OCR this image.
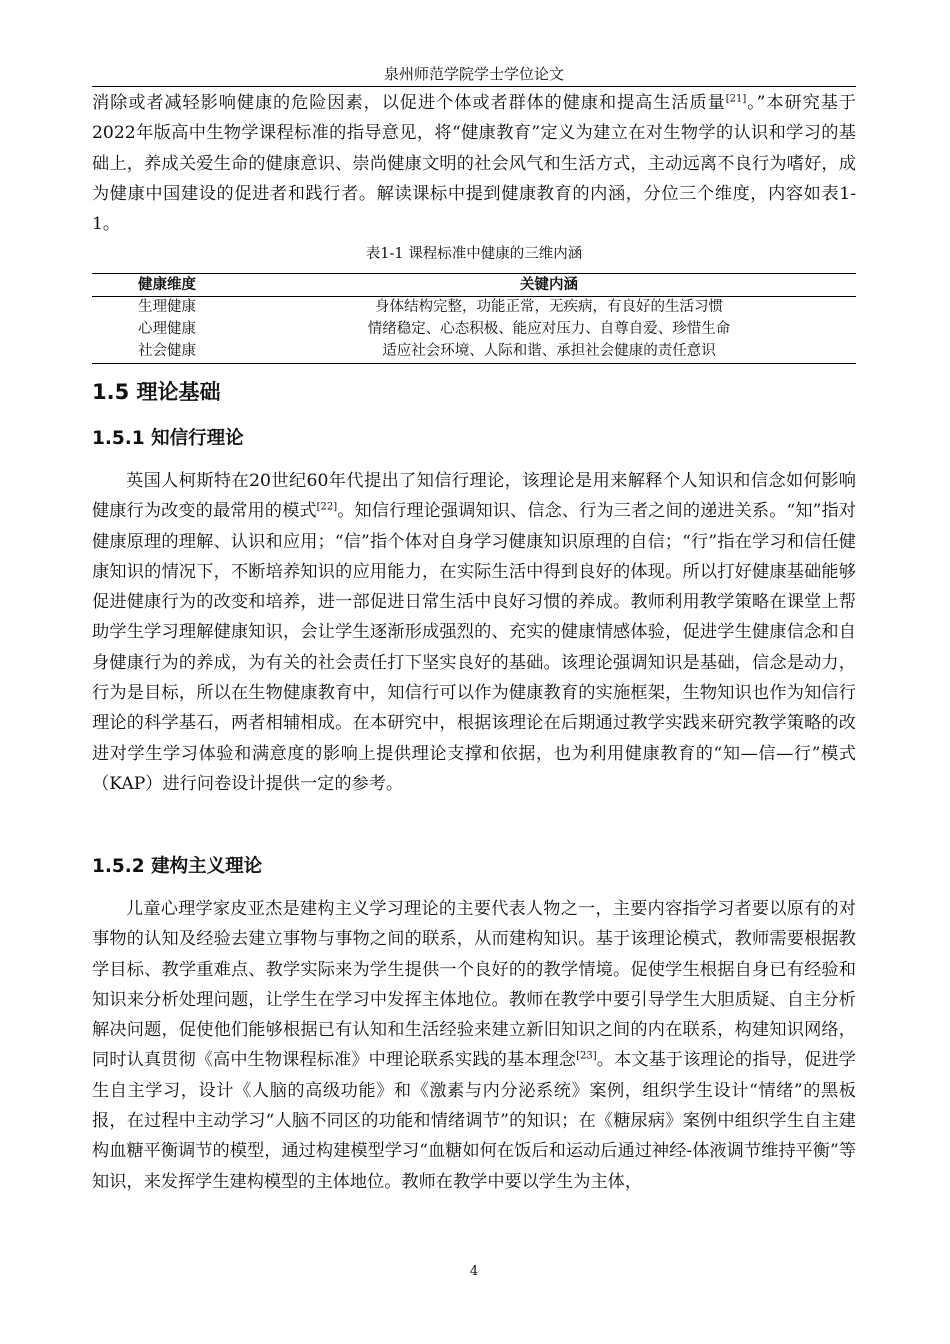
泉州师范学院学士学位论文

消除或者减轻影响健康的危险因素，以促进个体或者群体的健康和提高生活质量[21]。”本研究基于2022年版高中生物学课程标准的指导意见，将“健康教育”定义为建立在对生物学的认识和学习的基础上，养成关爱生命的健康意识、崇尚健康文明的社会风气和生活方式，主动远离不良行为嗜好，成为健康中国建设的促进者和践行者。解读课标中提到健康教育的内涵，分位三个维度，内容如表1-1。

表1-1 课程标准中健康的三维内涵
健康维度	关键内涵
生理健康	身体结构完整，功能正常，无疾病，有良好的生活习惯
心理健康	情绪稳定、心态积极、能应对压力、自尊自爱、珍惜生命
社会健康	适应社会环境、人际和谐、承担社会健康的责任意识
1.5 理论基础
1.5.1 知信行理论

英国人柯斯特在20世纪60年代提出了知信行理论，该理论是用来解释个人知识和信念如何影响健康行为改变的最常用的模式[22]。知信行理论强调知识、信念、行为三者之间的递进关系。“知”指对健康原理的理解、认识和应用；“信”指个体对自身学习健康知识原理的自信；“行”指在学习和信任健康知识的情况下，不断培养知识的应用能力，在实际生活中得到良好的体现。所以打好健康基础能够促进健康行为的改变和培养，进一部促进日常生活中良好习惯的养成。教师利用教学策略在课堂上帮助学生学习理解健康知识，会让学生逐渐形成强烈的、充实的健康情感体验，促进学生健康信念和自身健康行为的养成，为有关的社会责任打下坚实良好的基础。该理论强调知识是基础，信念是动力，行为是目标，所以在生物健康教育中，知信行可以作为健康教育的实施框架，生物知识也作为知信行理论的科学基石，两者相辅相成。在本研究中，根据该理论在后期通过教学实践来研究教学策略的改进对学生学习体验和满意度的影响上提供理论支撑和依据，也为利用健康教育的“知—信—行”模式（KAP）进行问卷设计提供一定的参考。

1.5.2 建构主义理论

儿童心理学家皮亚杰是建构主义学习理论的主要代表人物之一，主要内容指学习者要以原有的对事物的认知及经验去建立事物与事物之间的联系，从而建构知识。基于该理论模式，教师需要根据教学目标、教学重难点、教学实际来为学生提供一个良好的的教学情境。促使学生根据自身已有经验和知识来分析处理问题，让学生在学习中发挥主体地位。教师在教学中要引导学生大胆质疑、自主分析解决问题，促使他们能够根据已有认知和生活经验来建立新旧知识之间的内在联系，构建知识网络，同时认真贯彻《高中生物课程标准》中理论联系实践的基本理念[23]。本文基于该理论的指导，促进学生自主学习，设计《人脑的高级功能》和《激素与内分泌系统》案例，组织学生设计“情绪”的黑板报，在过程中主动学习“人脑不同区的功能和情绪调节”的知识；在《糖尿病》案例中组织学生自主建构血糖平衡调节的模型，通过构建模型学习“血糖如何在饭后和运动后通过神经-体液调节维持平衡”等知识，来发挥学生建构模型的主体地位。教师在教学中要以学生为主体，

4
